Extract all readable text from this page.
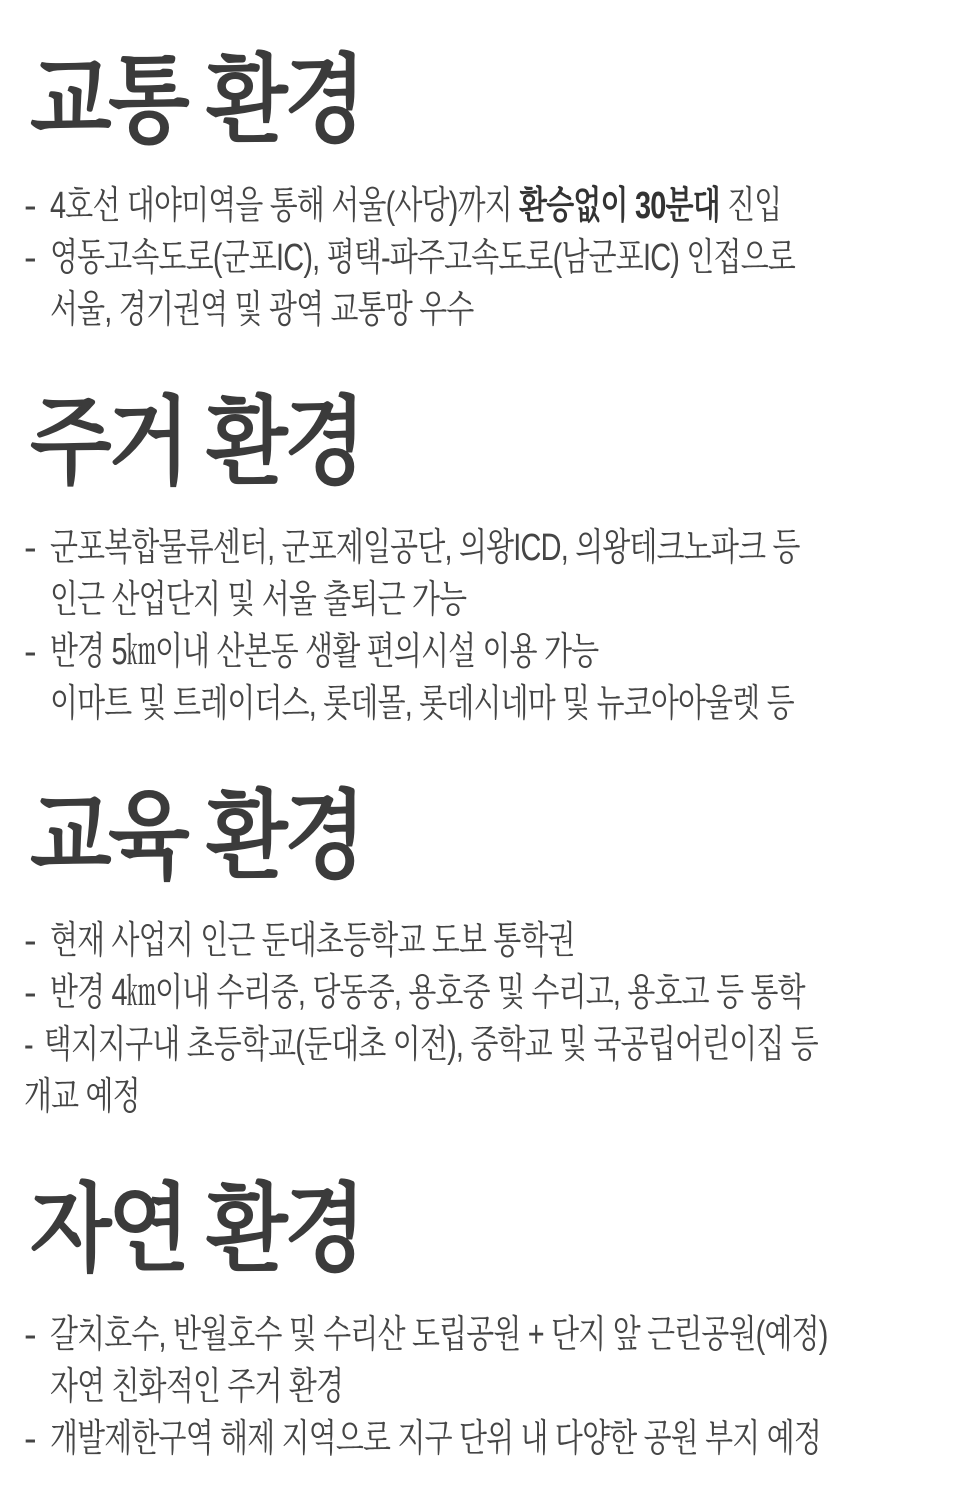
교통 환경
- 4호선 대야미역을 통해 서울(사당)까지 환승없이 30분대 진입
- 영동고속도로(군포IC), 평택-파주고속도로(남군포IC) 인접으로
서울, 경기권역 및 광역 교통망 우수
주거 환경
- 군포복합물류센터, 군포제일공단, 의왕ICD, 의왕테크노파크 등
인근 산업단지 및 서울 출퇴근 가능
- 반경 5㎞이내 산본동 생활 편의시설 이용 가능
이마트 및 트레이더스, 롯데몰, 롯데시네마 및 뉴코아아울렛 등
교육 환경
- 현재 사업지 인근 둔대초등학교 도보 통학권
- 반경 4㎞이내 수리중, 당동중, 용호중 및 수리고, 용호고 등 통학
- 택지지구내 초등학교(둔대초 이전), 중학교 및 국공립어린이집 등
개교 예정
자연 환경
- 갈치호수, 반월호수 및 수리산 도립공원 + 단지 앞 근린공원(예정)
자연 친화적인 주거 환경
- 개발제한구역 해제 지역으로 지구 단위 내 다양한 공원 부지 예정
